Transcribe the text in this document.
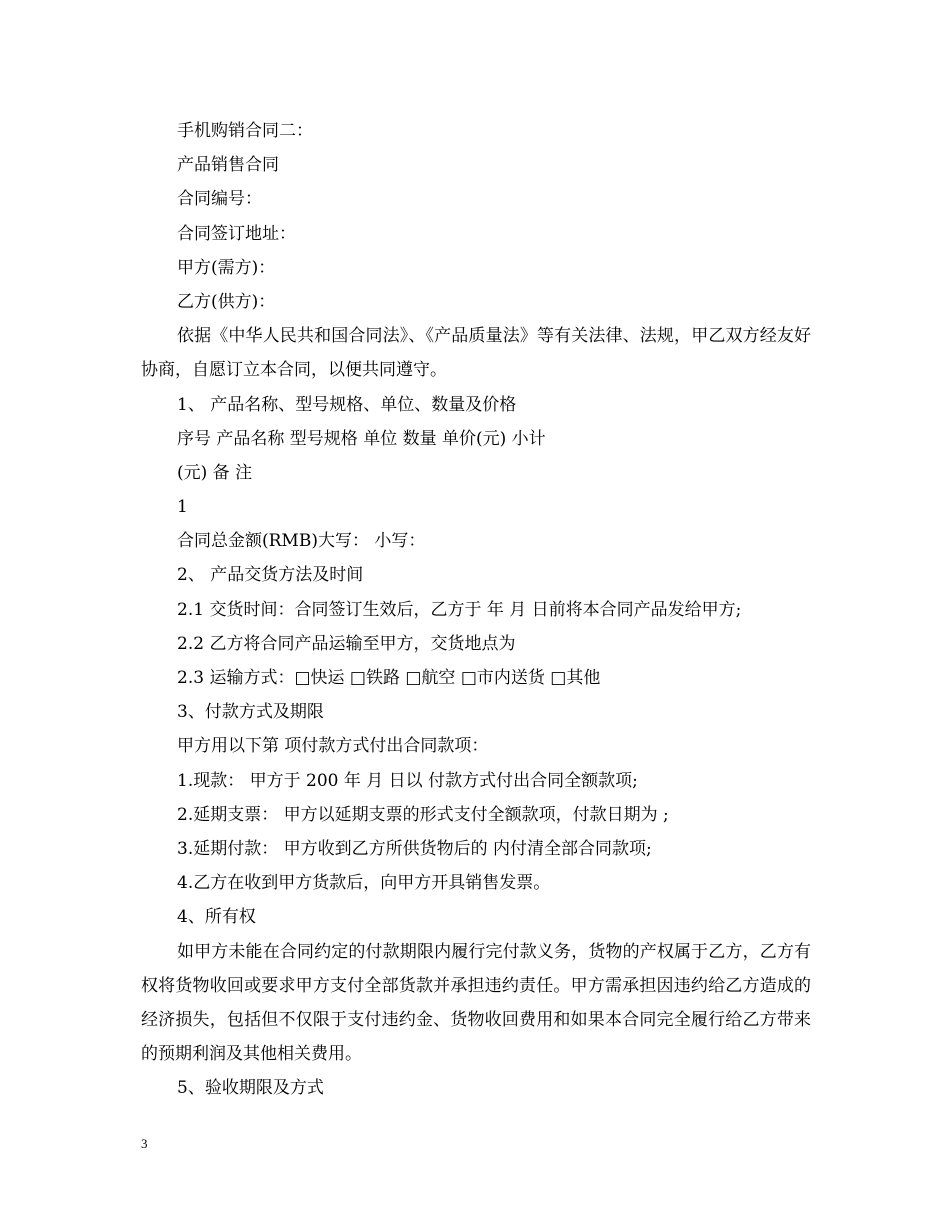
手机购销合同二：
产品销售合同
合同编号：
合同签订地址：
甲方(需方)：
乙方(供方)：
依据《中华人民共和国合同法》、《产品质量法》等有关法律、法规，甲乙双方经友好协商，自愿订立本合同，以便共同遵守。
1、 产品名称、型号规格、单位、数量及价格
序号 产品名称 型号规格 单位 数量 单价(元) 小计
(元) 备 注
1
合同总金额(RMB)大写： 小写：
2、 产品交货方法及时间
2.1 交货时间：合同签订生效后，乙方于 年 月 日前将本合同产品发给甲方;
2.2 乙方将合同产品运输至甲方，交货地点为
2.3 运输方式：□快运 □铁路 □航空 □市内送货 □其他
3、付款方式及期限
甲方用以下第 项付款方式付出合同款项：
1.现款： 甲方于 200 年 月 日以 付款方式付出合同全额款项;
2.延期支票： 甲方以延期支票的形式支付全额款项，付款日期为 ;
3.延期付款： 甲方收到乙方所供货物后的 内付清全部合同款项;
4.乙方在收到甲方货款后，向甲方开具销售发票。
4、所有权
如甲方未能在合同约定的付款期限内履行完付款义务，货物的产权属于乙方，乙方有权将货物收回或要求甲方支付全部货款并承担违约责任。甲方需承担因违约给乙方造成的经济损失，包括但不仅限于支付违约金、货物收回费用和如果本合同完全履行给乙方带来的预期利润及其他相关费用。
5、验收期限及方式
3
